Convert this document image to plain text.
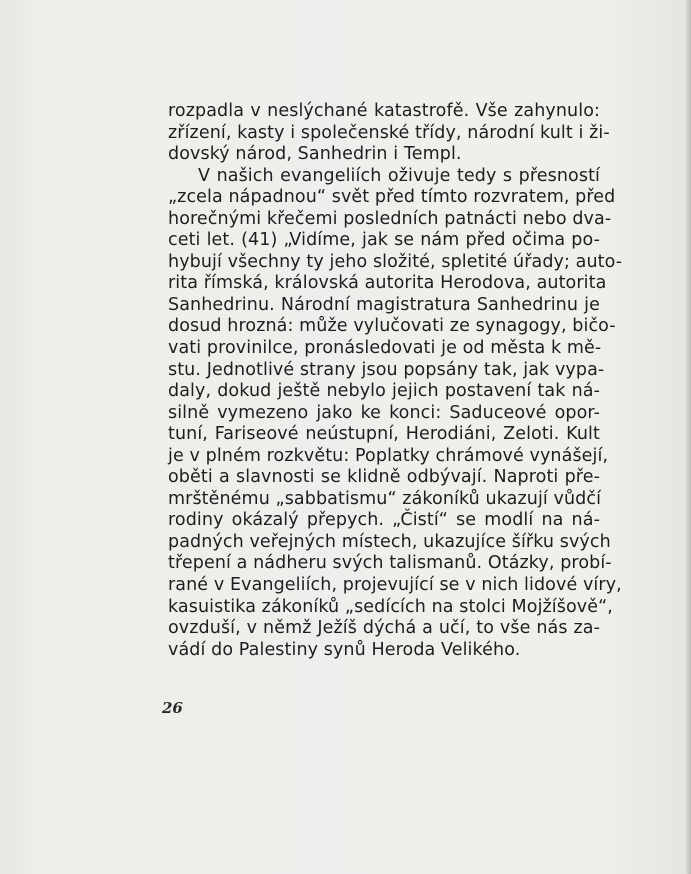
rozpadla v neslýchané katastrofě. Vše zahynulo:
zřízení, kasty i společenské třídy, národní kult i ži-
dovský národ, Sanhedrin i Templ.
V našich evangeliích oživuje tedy s přesností
„zcela nápadnou“ svět před tímto rozvratem, před
horečnými křečemi posledních patnácti nebo dva-
ceti let. (41) „Vidíme, jak se nám před očima po-
hybují všechny ty jeho složité, spletité úřady; auto-
rita římská, královská autorita Herodova, autorita
Sanhedrinu. Národní magistratura Sanhedrinu je
dosud hrozná: může vylučovati ze synagogy, bičo-
vati provinilce, pronásledovati je od města k mě-
stu. Jednotlivé strany jsou popsány tak, jak vypa-
daly, dokud ještě nebylo jejich postavení tak ná-
silně vymezeno jako ke konci: Saduceové opor-
tuní, Fariseové neústupní, Herodiáni, Zeloti. Kult
je v plném rozkvětu: Poplatky chrámové vynášejí,
oběti a slavnosti se klidně odbývají. Naproti pře-
mrštěnému „sabbatismu“ zákoníků ukazují vůdčí
rodiny okázalý přepych. „Čistí“ se modlí na ná-
padných veřejných místech, ukazujíce šířku svých
třepení a nádheru svých talismanů. Otázky, probí-
rané v Evangeliích, projevující se v nich lidové víry,
kasuistika zákoníků „sedících na stolci Mojžíšově“,
ovzduší, v němž Ježíš dýchá a učí, to vše nás za-
vádí do Palestiny synů Heroda Velikého.
26
